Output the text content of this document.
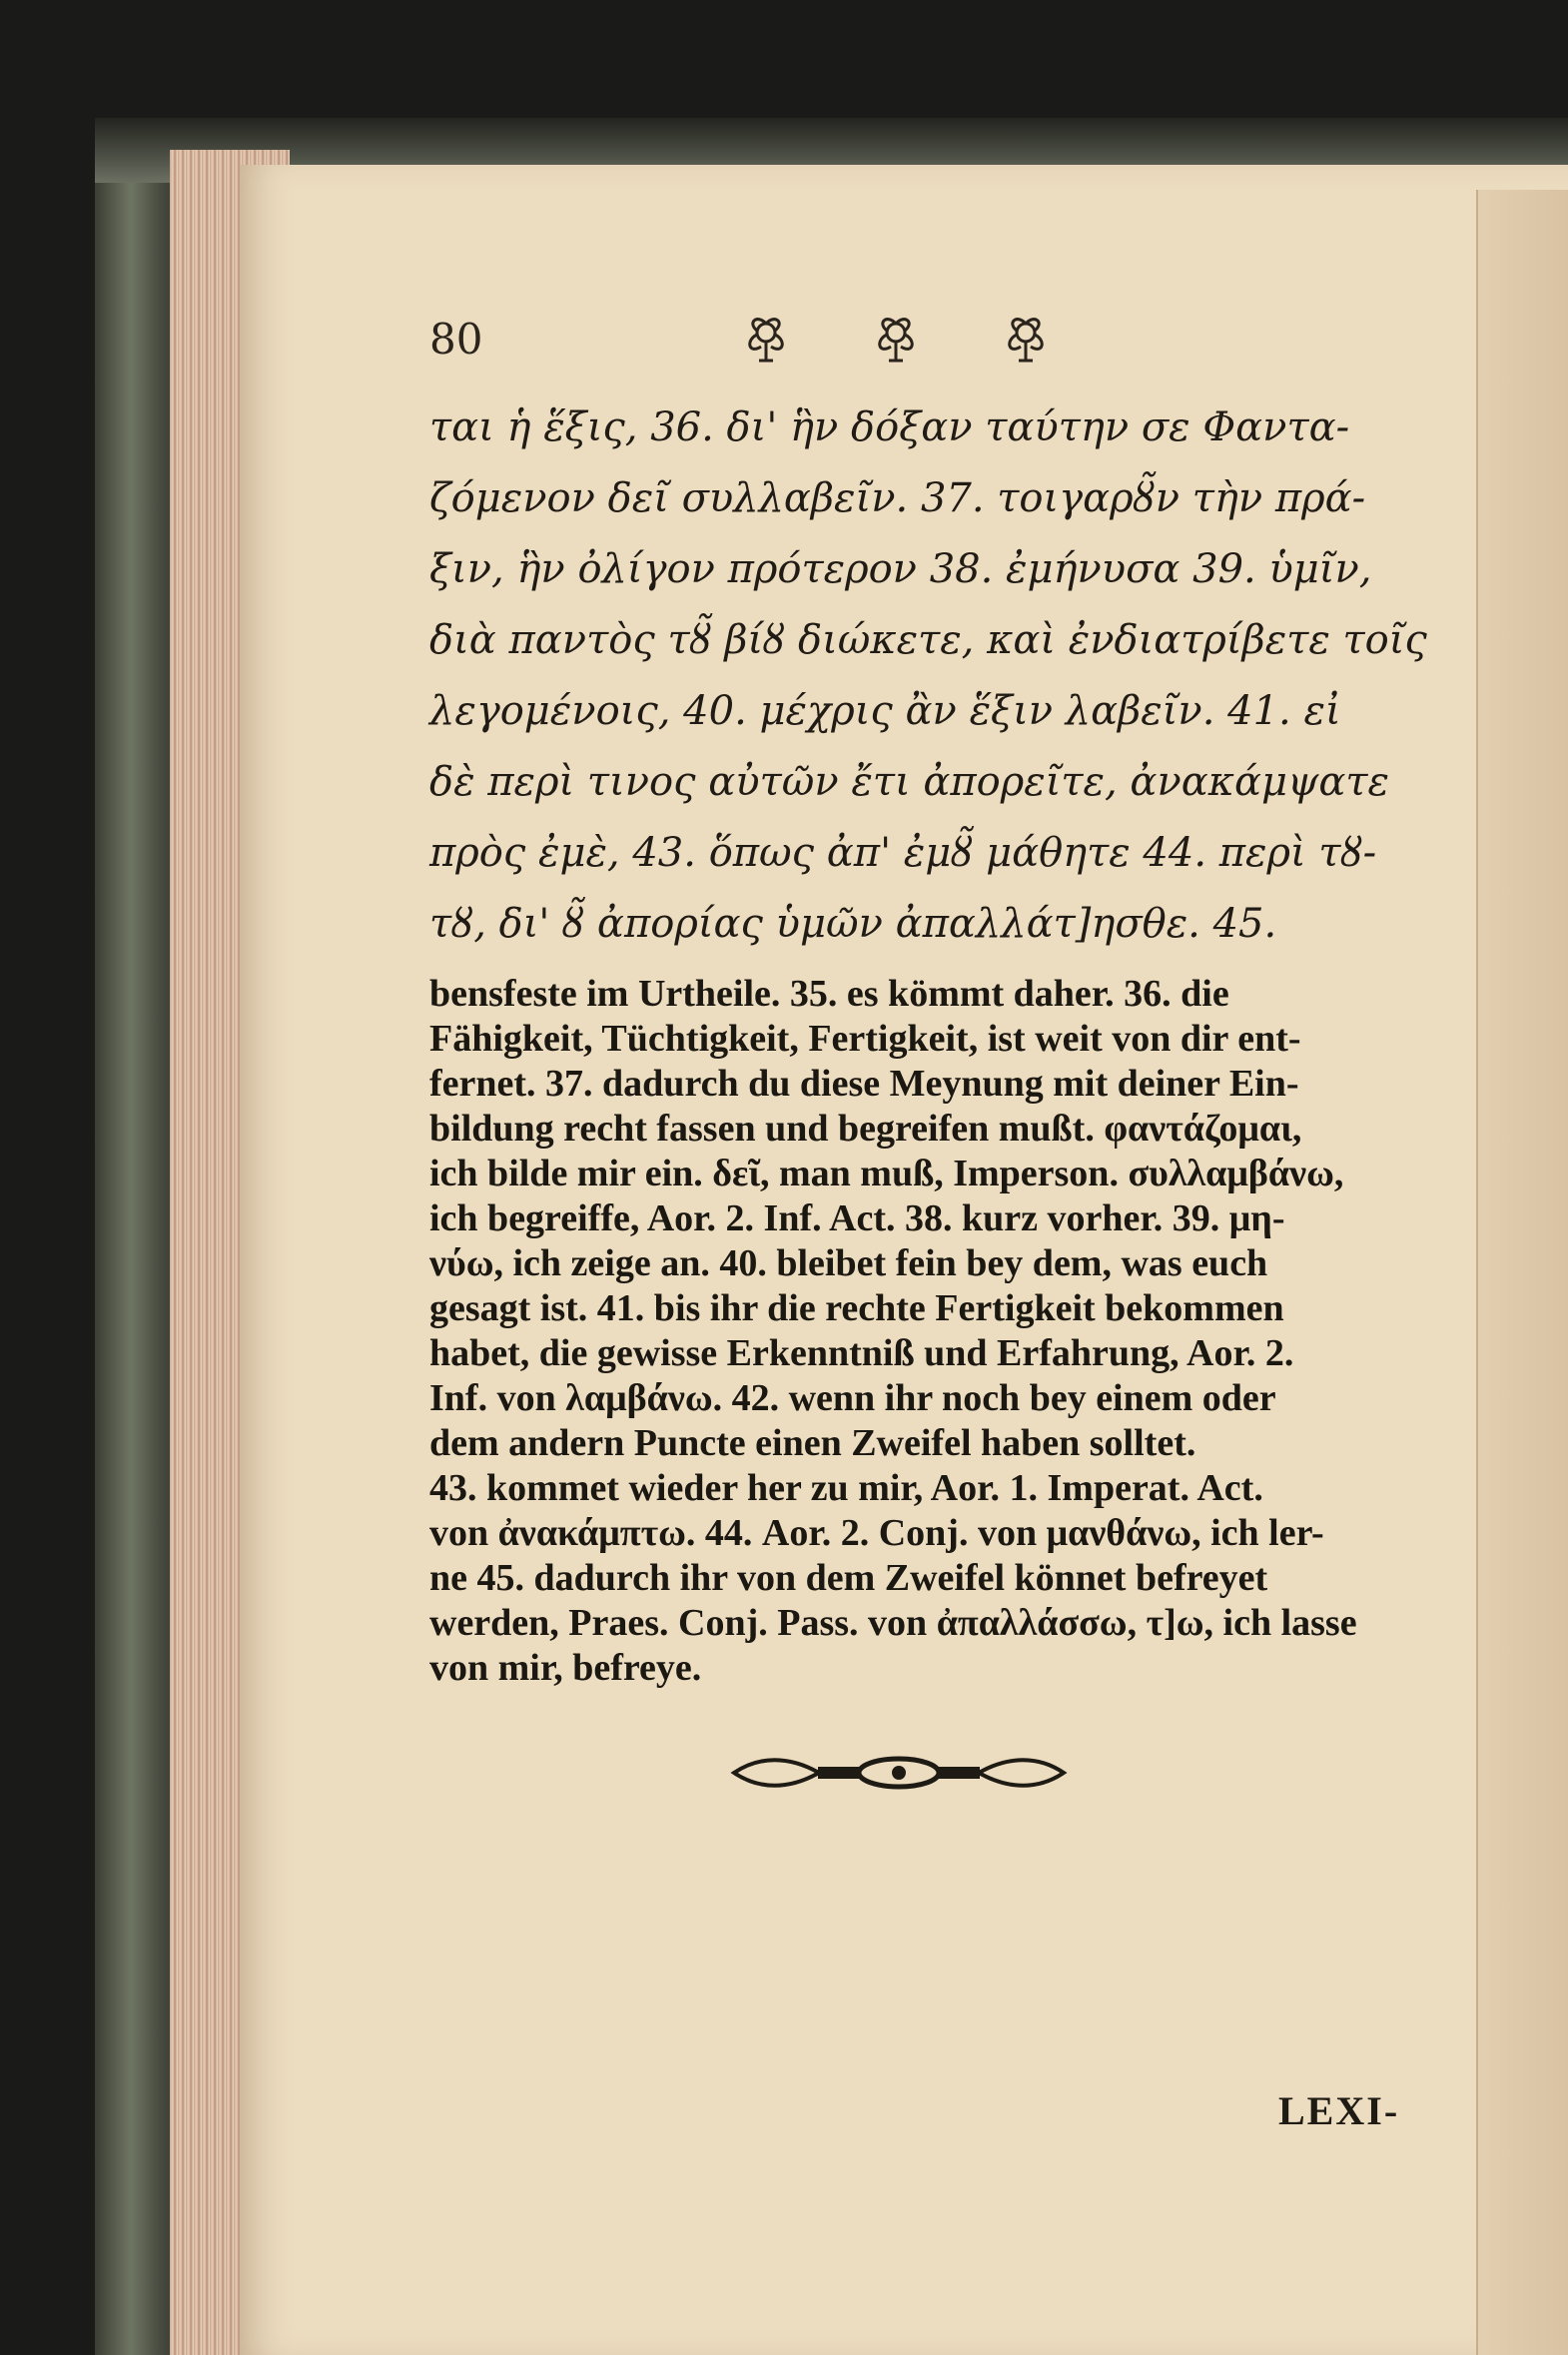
80
ται ἡ ἕξις, 36. δι' ἣν δόξαν ταύτην σε Φαντα-
ζόμενον δεῖ συλλαβεῖν. 37. τοιγαρȣ̃ν τὴν πρά-
ξιν, ἣν ὀλίγον πρότερον 38. ἐμήνυσα 39. ὑμῖν,
διὰ παντὸς τȣ̃ βίȣ διώκετε, καὶ ἐνδιατρίβετε τοῖς
λεγομένοις, 40. μέχρις ἂν ἕξιν λαβεῖν. 41. εἰ
δὲ περὶ τινος αὐτῶν ἔτι ἀπορεῖτε, ἀνακάμψατε
πρὸς ἐμὲ, 43. ὅπως ἀπ' ἐμȣ̃ μάθητε 44. περὶ τȣ-
τȣ, δι' ȣ̃ ἀπορίας ὑμῶν ἀπαλλάτ]ησθε. 45.
bensfeste im Urtheile. 35. es kömmt daher. 36. die
Fähigkeit, Tüchtigkeit, Fertigkeit, ist weit von dir ent-
fernet. 37. dadurch du diese Meynung mit deiner Ein-
bildung recht fassen und begreifen mußt. φαντάζομαι,
ich bilde mir ein. δεῖ, man muß, Imperson. συλλαμβάνω,
ich begreiffe, Aor. 2. Inf. Act. 38. kurz vorher. 39. μη-
νύω, ich zeige an. 40. bleibet fein bey dem, was euch
gesagt ist. 41. bis ihr die rechte Fertigkeit bekommen
habet, die gewisse Erkenntniß und Erfahrung, Aor. 2.
Inf. von λαμβάνω. 42. wenn ihr noch bey einem oder
dem andern Puncte einen Zweifel haben solltet.
43. kommet wieder her zu mir, Aor. 1. Imperat. Act.
von ἀνακάμπτω. 44. Aor. 2. Conj. von μανθάνω, ich ler-
ne 45. dadurch ihr von dem Zweifel könnet befreyet
werden, Praes. Conj. Pass. von ἀπαλλάσσω, τ]ω, ich lasse
von mir, befreye.
LEXI-
